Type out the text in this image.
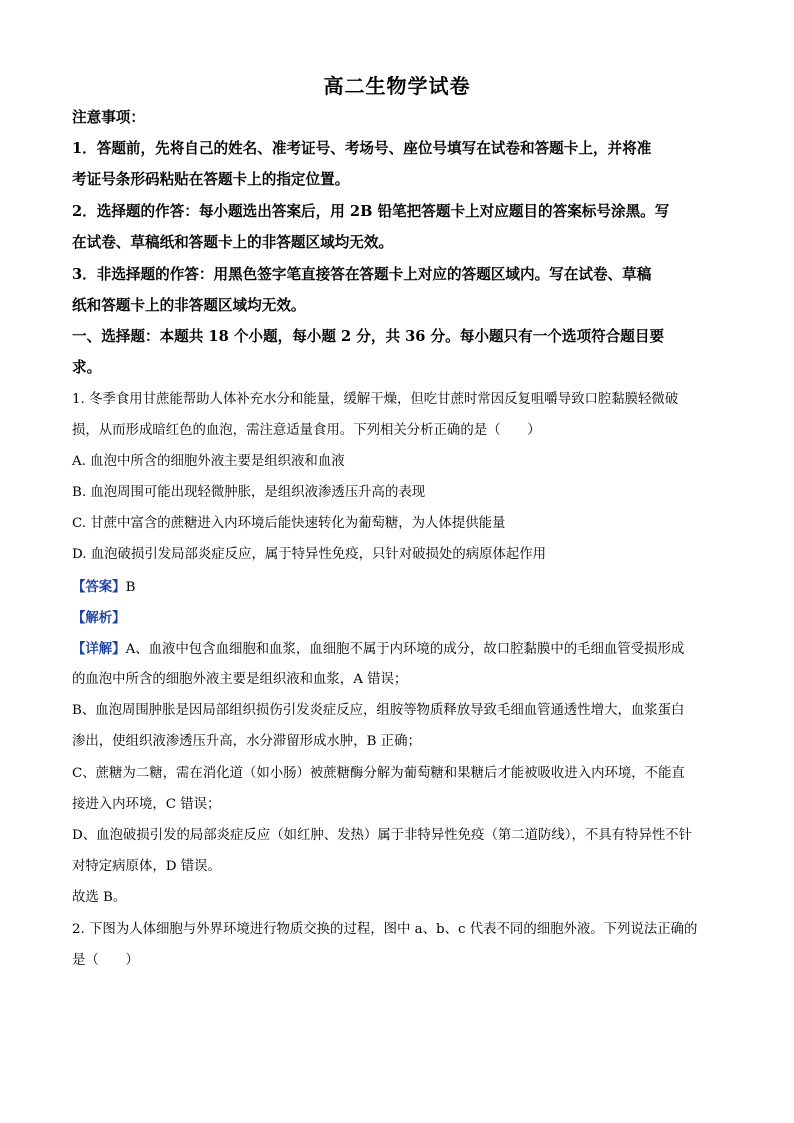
高二生物学试卷
注意事项：
1．答题前，先将自己的姓名、准考证号、考场号、座位号填写在试卷和答题卡上，并将准
考证号条形码粘贴在答题卡上的指定位置。
2．选择题的作答：每小题选出答案后，用 2B 铅笔把答题卡上对应题目的答案标号涂黑。写
在试卷、草稿纸和答题卡上的非答题区域均无效。
3．非选择题的作答：用黑色签字笔直接答在答题卡上对应的答题区域内。写在试卷、草稿
纸和答题卡上的非答题区域均无效。
一、选择题：本题共 18 个小题，每小题 2 分，共 36 分。每小题只有一个选项符合题目要
求。
1. 冬季食用甘蔗能帮助人体补充水分和能量，缓解干燥，但吃甘蔗时常因反复咀嚼导致口腔黏膜轻微破
损，从而形成暗红色的血泡，需注意适量食用。下列相关分析正确的是（　　）
A. 血泡中所含的细胞外液主要是组织液和血液
B. 血泡周围可能出现轻微肿胀，是组织液渗透压升高的表现
C. 甘蔗中富含的蔗糖进入内环境后能快速转化为葡萄糖，为人体提供能量
D. 血泡破损引发局部炎症反应，属于特异性免疫，只针对破损处的病原体起作用
【答案】B
【解析】
【详解】A、血液中包含血细胞和血浆，血细胞不属于内环境的成分，故口腔黏膜中的毛细血管受损形成
的血泡中所含的细胞外液主要是组织液和血浆，A 错误；
B、血泡周围肿胀是因局部组织损伤引发炎症反应，组胺等物质释放导致毛细血管通透性增大，血浆蛋白
渗出，使组织液渗透压升高，水分滞留形成水肿，B 正确；
C、蔗糖为二糖，需在消化道（如小肠）被蔗糖酶分解为葡萄糖和果糖后才能被吸收进入内环境，不能直
接进入内环境，C 错误；
D、血泡破损引发的局部炎症反应（如红肿、发热）属于非特异性免疫（第二道防线），不具有特异性不针
对特定病原体，D 错误。
故选 B。
2. 下图为人体细胞与外界环境进行物质交换的过程，图中 a、b、c 代表不同的细胞外液。下列说法正确的
是（　　）
